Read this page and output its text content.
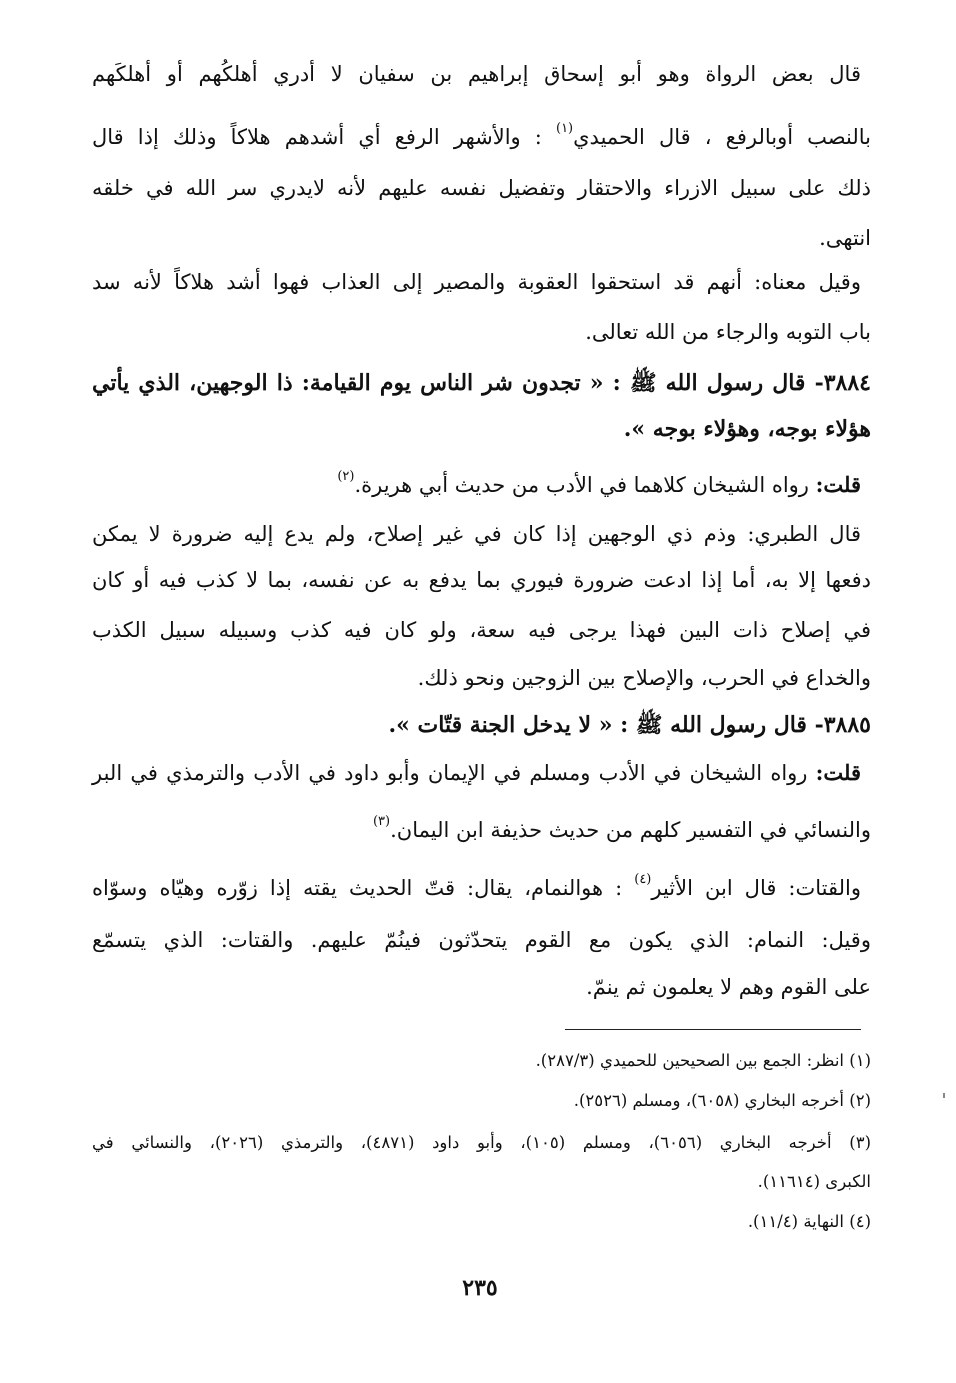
قال بعض الرواة وهو أبو إسحاق إبراهيم بن سفيان لا أدري أهلكُهم أو أهلكَهم
بالنصب أوبالرفع ، قال الحميدي(١) : والأشهر الرفع أي أشدهم هلاكاً وذلك إذا قال
ذلك على سبيل الازراء والاحتقار وتفضيل نفسه عليهم لأنه لايدري سر الله في خلقه
انتهى.
وقيل معناه: أنهم قد استحقوا العقوبة والمصير إلى العذاب فهوا أشد هلاكاً لأنه سد
باب التوبه والرجاء من الله تعالى.
٣٨٨٤- قال رسول الله ﷺ : « تجدون شر الناس يوم القيامة: ذا الوجهين، الذي يأتي
هؤلاء بوجه، وهؤلاء بوجه ».
قلت: رواه الشيخان كلاهما في الأدب من حديث أبي هريرة.(٢)
قال الطبري: وذم ذي الوجهين إذا كان في غير إصلاح، ولم يدع إليه ضرورة لا يمكن
دفعها إلا به، أما إذا ادعت ضرورة فيوري بما يدفع به عن نفسه، بما لا كذب فيه أو كان
في إصلاح ذات البين فهذا يرجى فيه سعة، ولو كان فيه كذب وسبيله سبيل الكذب
والخداع في الحرب، والإصلاح بين الزوجين ونحو ذلك.
٣٨٨٥- قال رسول الله ﷺ : « لا يدخل الجنة قتّات ».
قلت: رواه الشيخان في الأدب ومسلم في الإيمان وأبو داود في الأدب والترمذي في البر
والنسائي في التفسير كلهم من حديث حذيفة ابن اليمان.(٣)
والقتات: قال ابن الأثير(٤) : هوالنمام، يقال: قتّ الحديث يقته إذا زوّره وهيّاه وسوّاه
وقيل: النمام: الذي يكون مع القوم يتحدّثون فينُمّ عليهم. والقتات: الذي يتسمّع
على القوم وهم لا يعلمون ثم ينمّ.
(١) انظر: الجمع بين الصحيحين للحميدي (٢٨٧/٣).
(٢) أخرجه البخاري (٦٠٥٨)، ومسلم (٢٥٢٦).
(٣) أخرجه البخاري (٦٠٥٦)، ومسلم (١٠٥)، وأبو داود (٤٨٧١)، والترمذي (٢٠٢٦)، والنسائي في
الكبرى (١١٦١٤).
(٤) النهاية (١١/٤).
٢٣٥
